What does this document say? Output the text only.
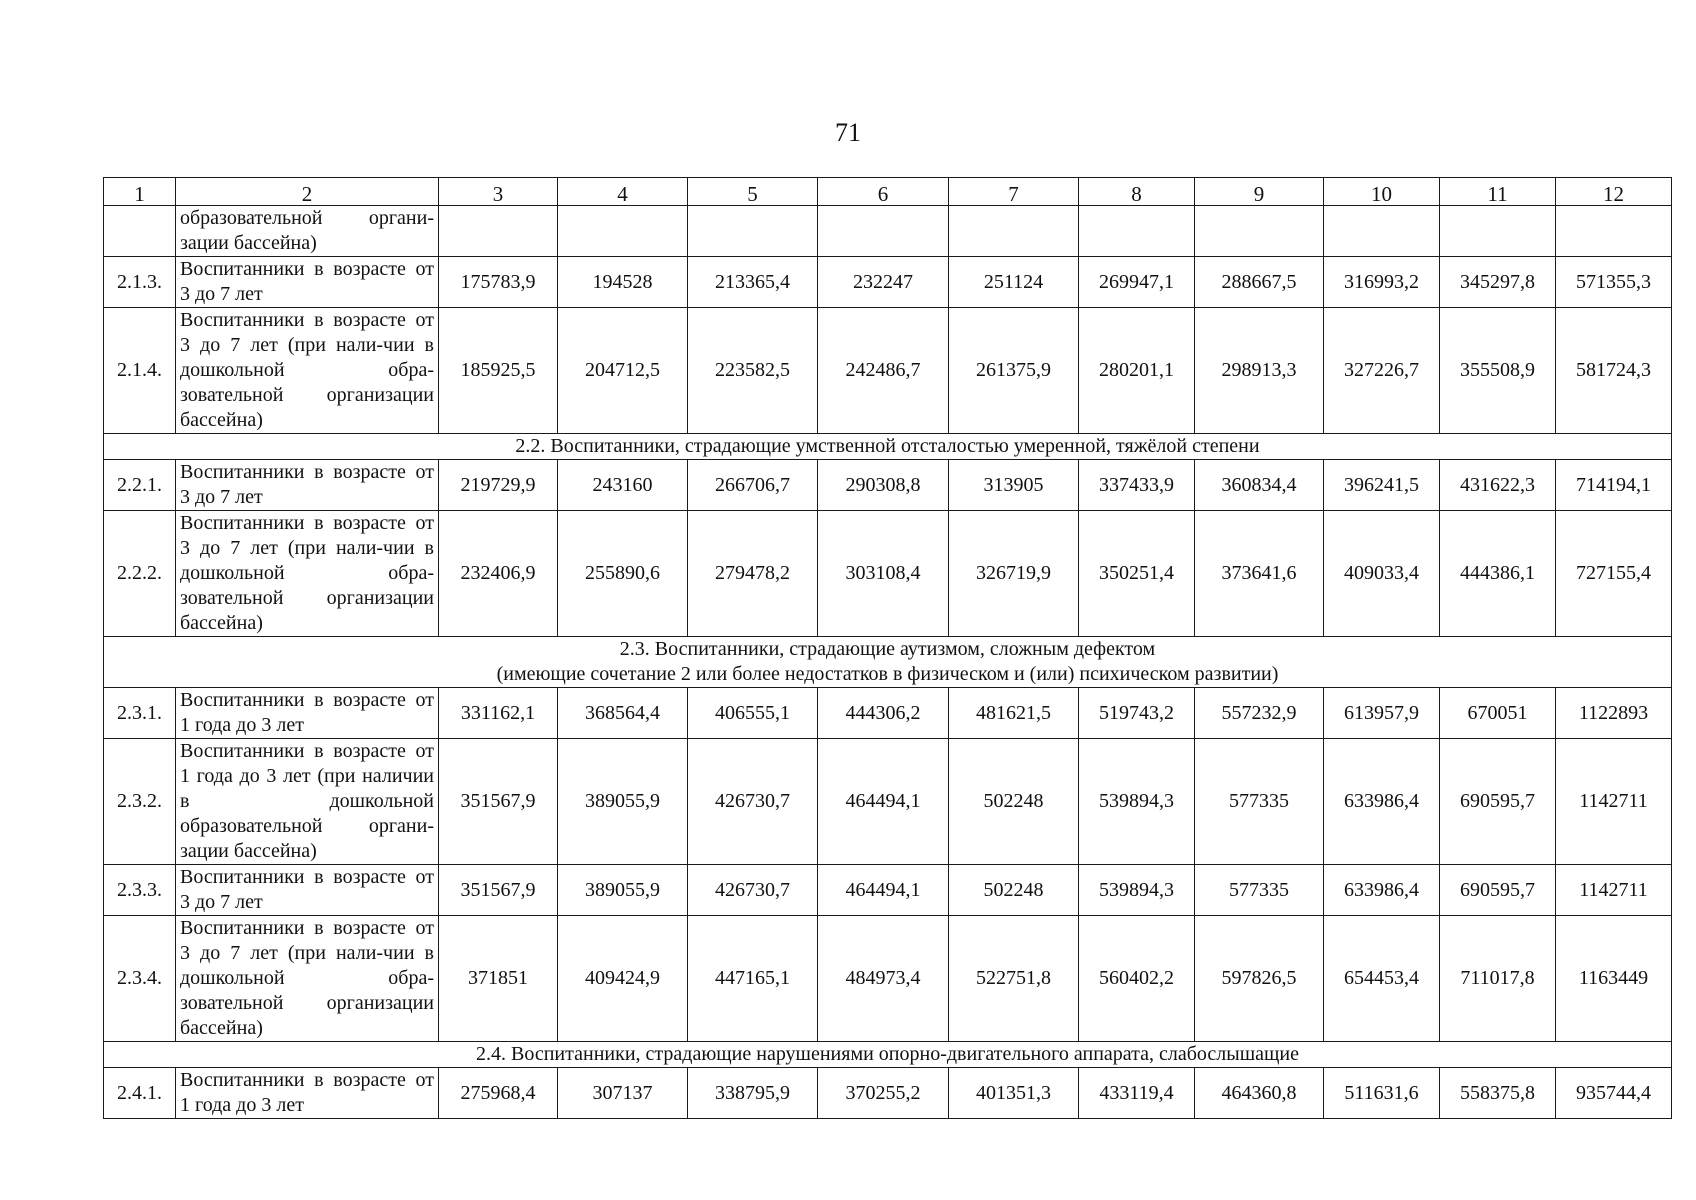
71
1	2	3	4	5	6	7	8	9	10	11	12
	образовательной органи-зации бассейна)										
2.1.3.	Воспитанники в возрасте от 3 до 7 лет	175783,9	194528	213365,4	232247	251124	269947,1	288667,5	316993,2	345297,8	571355,3
2.1.4.	Воспитанники в возрасте от 3 до 7 лет (при нали-чии в дошкольной обра-зовательной организации бассейна)	185925,5	204712,5	223582,5	242486,7	261375,9	280201,1	298913,3	327226,7	355508,9	581724,3

2.2. Воспитанники, страдающие умственной отсталостью умеренной, тяжёлой степени											

2.2.1.	Воспитанники в возрасте от 3 до 7 лет	219729,9	243160	266706,7	290308,8	313905	337433,9	360834,4	396241,5	431622,3	714194,1
2.2.2.	Воспитанники в возрасте от 3 до 7 лет (при нали-чии в дошкольной обра-зовательной организации бассейна)	232406,9	255890,6	279478,2	303108,4	326719,9	350251,4	373641,6	409033,4	444386,1	727155,4

2.3. Воспитанники, страдающие аутизмом, сложным дефектом
(имеющие сочетание 2 или более недостатков в физическом и (или) психическом развитии)											

2.3.1.	Воспитанники в возрасте от 1 года до 3 лет	331162,1	368564,4	406555,1	444306,2	481621,5	519743,2	557232,9	613957,9	670051	1122893
2.3.2.	Воспитанники в возрасте от 1 года до 3 лет (при наличии в дошкольной образовательной органи-зации бассейна)	351567,9	389055,9	426730,7	464494,1	502248	539894,3	577335	633986,4	690595,7	1142711
2.3.3.	Воспитанники в возрасте от 3 до 7 лет	351567,9	389055,9	426730,7	464494,1	502248	539894,3	577335	633986,4	690595,7	1142711
2.3.4.	Воспитанники в возрасте от 3 до 7 лет (при нали-чии в дошкольной обра-зовательной организации бассейна)	371851	409424,9	447165,1	484973,4	522751,8	560402,2	597826,5	654453,4	711017,8	1163449

2.4. Воспитанники, страдающие нарушениями опорно-двигательного аппарата, слабослышащие											

2.4.1.	Воспитанники в возрасте от 1 года до 3 лет	275968,4	307137	338795,9	370255,2	401351,3	433119,4	464360,8	511631,6	558375,8	935744,4
